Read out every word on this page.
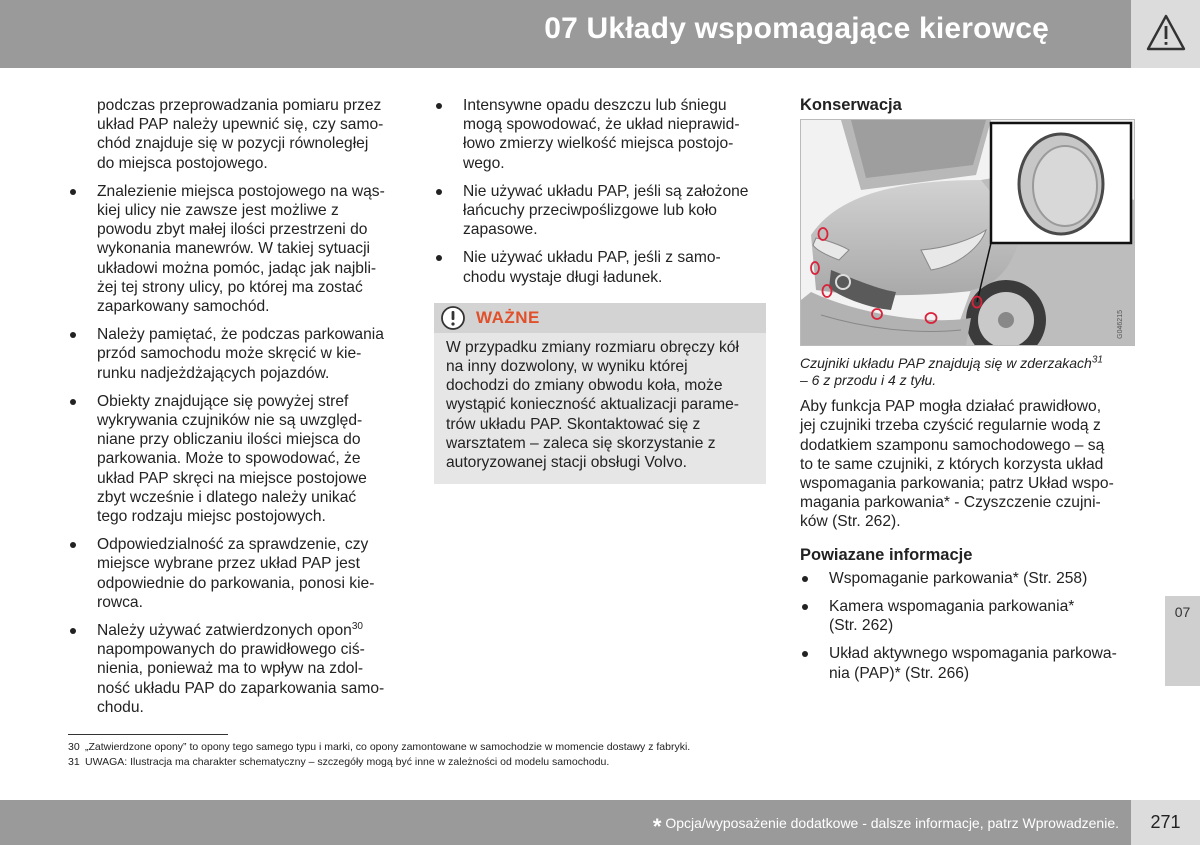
07 Układy wspomagające kierowcę
podczas przeprowadzania pomiaru przez
układ PAP należy upewnić się, czy samo-
chód znajduje się w pozycji równoległej
do miejsca postojowego.
Znalezienie miejsca postojowego na wąs-
kiej ulicy nie zawsze jest możliwe z
powodu zbyt małej ilości przestrzeni do
wykonania manewrów. W takiej sytuacji
układowi można pomóc, jadąc jak najbli-
żej tej strony ulicy, po której ma zostać
zaparkowany samochód.
Należy pamiętać, że podczas parkowania
przód samochodu może skręcić w kie-
runku nadjeżdżających pojazdów.
Obiekty znajdujące się powyżej stref
wykrywania czujników nie są uwzględ-
niane przy obliczaniu ilości miejsca do
parkowania. Może to spowodować, że
układ PAP skręci na miejsce postojowe
zbyt wcześnie i dlatego należy unikać
tego rodzaju miejsc postojowych.
Odpowiedzialność za sprawdzenie, czy
miejsce wybrane przez układ PAP jest
odpowiednie do parkowania, ponosi kie-
rowca.
Należy używać zatwierdzonych opon$^{30}$
napompowanych do prawidłowego ciś-
nienia, ponieważ ma to wpływ na zdol-
ność układu PAP do zaparkowania samo-
chodu.
Intensywne opadu deszczu lub śniegu
mogą spowodować, że układ nieprawid-
łowo zmierzy wielkość miejsca postojo-
wego.
Nie używać układu PAP, jeśli są założone
łańcuchy przeciwpoślizgowe lub koło
zapasowe.
Nie używać układu PAP, jeśli z samo-
chodu wystaje długi ładunek.
WAŻNE
W przypadku zmiany rozmiaru obręczy kół
na inny dozwolony, w wyniku której
dochodzi do zmiany obwodu koła, może
wystąpić konieczność aktualizacji parame-
trów układu PAP. Skontaktować się z
warsztatem – zaleca się skorzystanie z
autoryzowanej stacji obsługi Volvo.
Konserwacja
G046215
Czujniki układu PAP znajdują się w zderzakach$^{31}$
– 6 z przodu i 4 z tyłu.
Aby funkcja PAP mogła działać prawidłowo,
jej czujniki trzeba czyścić regularnie wodą z
dodatkiem szamponu samochodowego – są
to te same czujniki, z których korzysta układ
wspomagania parkowania; patrz Układ wspo-
magania parkowania* - Czyszczenie czujni-
ków (Str. 262).
Powiazane informacje
Wspomaganie parkowania* (Str. 258)
Kamera wspomagania parkowania*
(Str. 262)
Układ aktywnego wspomagania parkowa-
nia (PAP)* (Str. 266)
07
30 „Zatwierdzone opony” to opony tego samego typu i marki, co opony zamontowane w samochodzie w momencie dostawy z fabryki.
31 UWAGA: Ilustracja ma charakter schematyczny – szczegóły mogą być inne w zależności od modelu samochodu.
* Opcja/wyposażenie dodatkowe - dalsze informacje, patrz Wprowadzenie.	271
